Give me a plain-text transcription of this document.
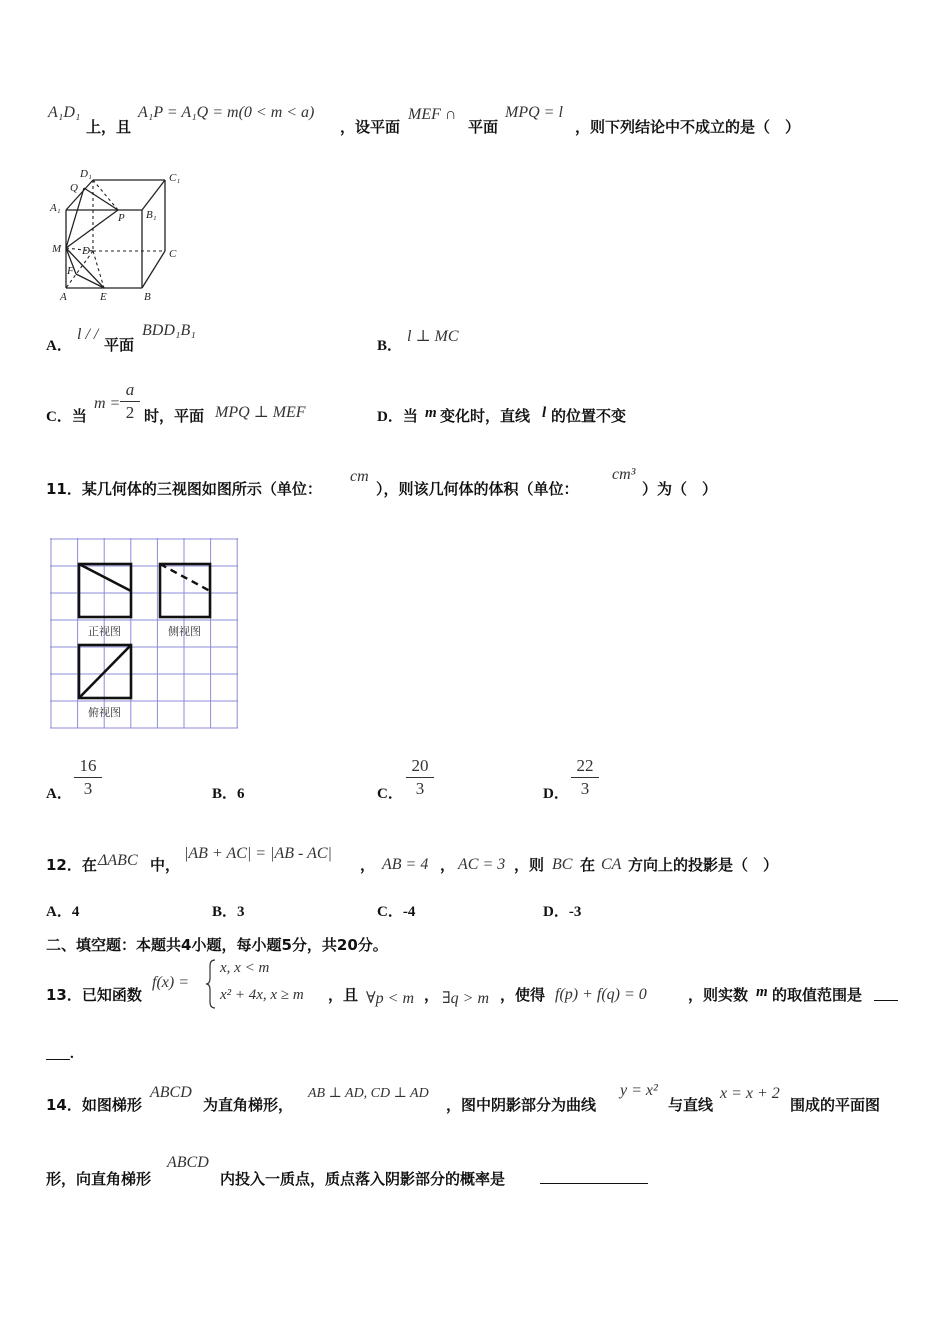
A₁D₁
上，且
A₁P = A₁Q = m(0 < m < a)
，设平面
MEF ∩
平面
MPQ = l
，则下列结论中不成立的是（　）
D₁	C₁
Q
A₁
P B₁
M D	C
F
A	E	B
A．
l / /
平面
BDD₁B₁
B．
l ⊥ MC
C．当
$m = \frac{a}{2}$ 时，平面 MPQ ⊥ MEF	D．当 m 变化时，直线 l 的位置不变
11．某几何体的三视图如图所示（单位：
cm
），则该几何体的体积（单位：
cm³
）为（　）
正视图	侧视图
俯视图
A． $\frac{16}{3}$	B．6	C． $\frac{20}{3}$	D． $\frac{22}{3}$
12．在 ΔABC 中，
|AB + AC| = |AB - AC|
， AB = 4 ， AC = 3 ，则 BC 在 CA 方向上的投影是（　）
A．4	B．3	C．-4	D．-3
二、填空题：本题共4小题，每小题5分，共20分。
13．已知函数
f(x) =
x, x < m
x² + 4x, x ≥ m ，且 ∀p < m ， ∃q > m ，使得 f(p) + f(q) = 0	，则实数 m 的取值范围是
.
14．如图梯形
ABCD
为直角梯形，
AB ⊥ AD, CD ⊥ AD
，图中阴影部分为曲线
y = x²
与直线
x = x + 2
围成的平面图
形，向直角梯形
ABCD
内投入一质点，质点落入阴影部分的概率是
